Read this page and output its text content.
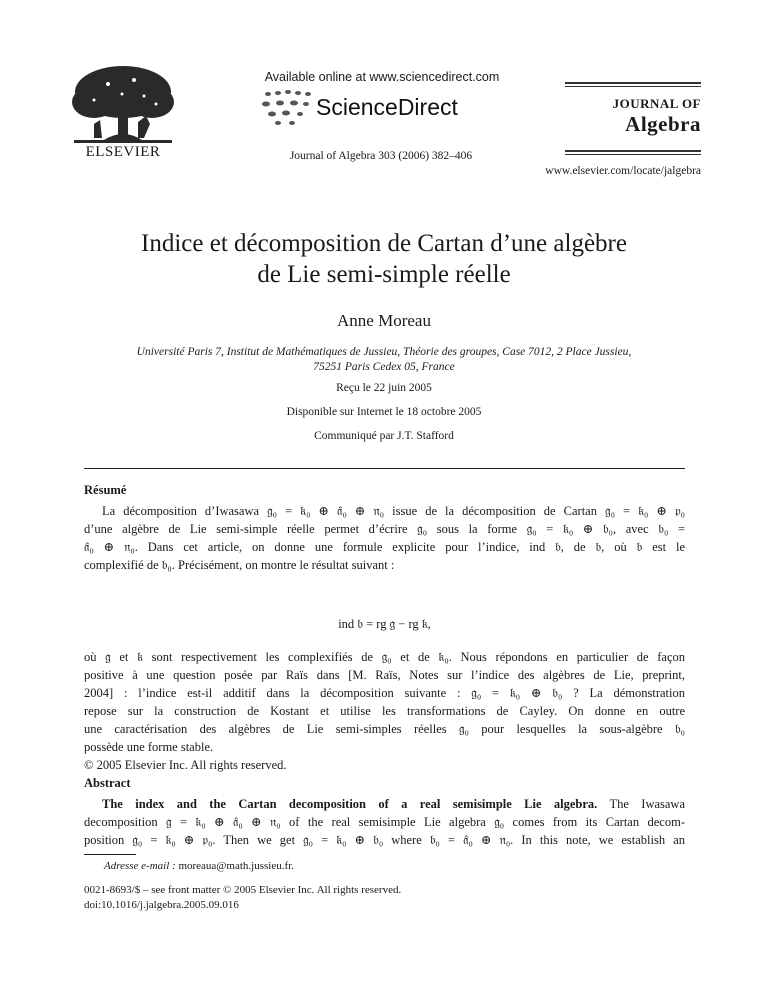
ELSEVIER
Available online at www.sciencedirect.com
ScienceDirect
Journal of Algebra 303 (2006) 382–406
JOURNAL OF
Algebra
www.elsevier.com/locate/jalgebra
Indice et décomposition de Cartan d’une algèbre
de Lie semi-simple réelle
Anne Moreau
Université Paris 7, Institut de Mathématiques de Jussieu, Théorie des groupes, Case 7012, 2 Place Jussieu,
75251 Paris Cedex 05, France
Reçu le 22 juin 2005
Disponible sur Internet le 18 octobre 2005
Communiqué par J.T. Stafford
Résumé
La décomposition d’Iwasawa 𝔤₀ = 𝔨₀ ⊕ 𝔞̂₀ ⊕ 𝔫₀ issue de la décomposition de Cartan 𝔤₀ = 𝔨₀ ⊕ 𝔭₀
d’une algèbre de Lie semi-simple réelle permet d’écrire 𝔤₀ sous la forme 𝔤₀ = 𝔨₀ ⊕ 𝔟₀, avec 𝔟₀ =
𝔞̂₀ ⊕ 𝔫₀. Dans cet article, on donne une formule explicite pour l’indice, ind 𝔟, de 𝔟, où 𝔟 est le
complexifié de 𝔟₀. Précisément, on montre le résultat suivant :
ind 𝔟 = rg 𝔤 − rg 𝔨,
où 𝔤 et 𝔨 sont respectivement les complexifiés de 𝔤₀ et de 𝔨₀. Nous répondons en particulier de façon
positive à une question posée par Raïs dans [M. Raïs, Notes sur l’indice des algèbres de Lie, preprint,
2004] : l’indice est-il additif dans la décomposition suivante : 𝔤₀ = 𝔨₀ ⊕ 𝔟₀ ? La démonstration
repose sur la construction de Kostant et utilise les transformations de Cayley. On donne en outre
une caractérisation des algèbres de Lie semi-simples réelles 𝔤₀ pour lesquelles la sous-algèbre 𝔟₀
possède une forme stable.
© 2005 Elsevier Inc. All rights reserved.
Abstract
The index and the Cartan decomposition of a real semisimple Lie algebra. The Iwasawa
decomposition 𝔤 = 𝔨₀ ⊕ 𝔞̂₀ ⊕ 𝔫₀ of the real semisimple Lie algebra 𝔤₀ comes from its Cartan decom-
position 𝔤₀ = 𝔨₀ ⊕ 𝔭₀. Then we get 𝔤₀ = 𝔨₀ ⊕ 𝔟₀ where 𝔟₀ = 𝔞̂₀ ⊕ 𝔫₀. In this note, we establish an
Adresse e-mail : moreaua@math.jussieu.fr.
0021-8693/$ – see front matter © 2005 Elsevier Inc. All rights reserved.
doi:10.1016/j.jalgebra.2005.09.016
